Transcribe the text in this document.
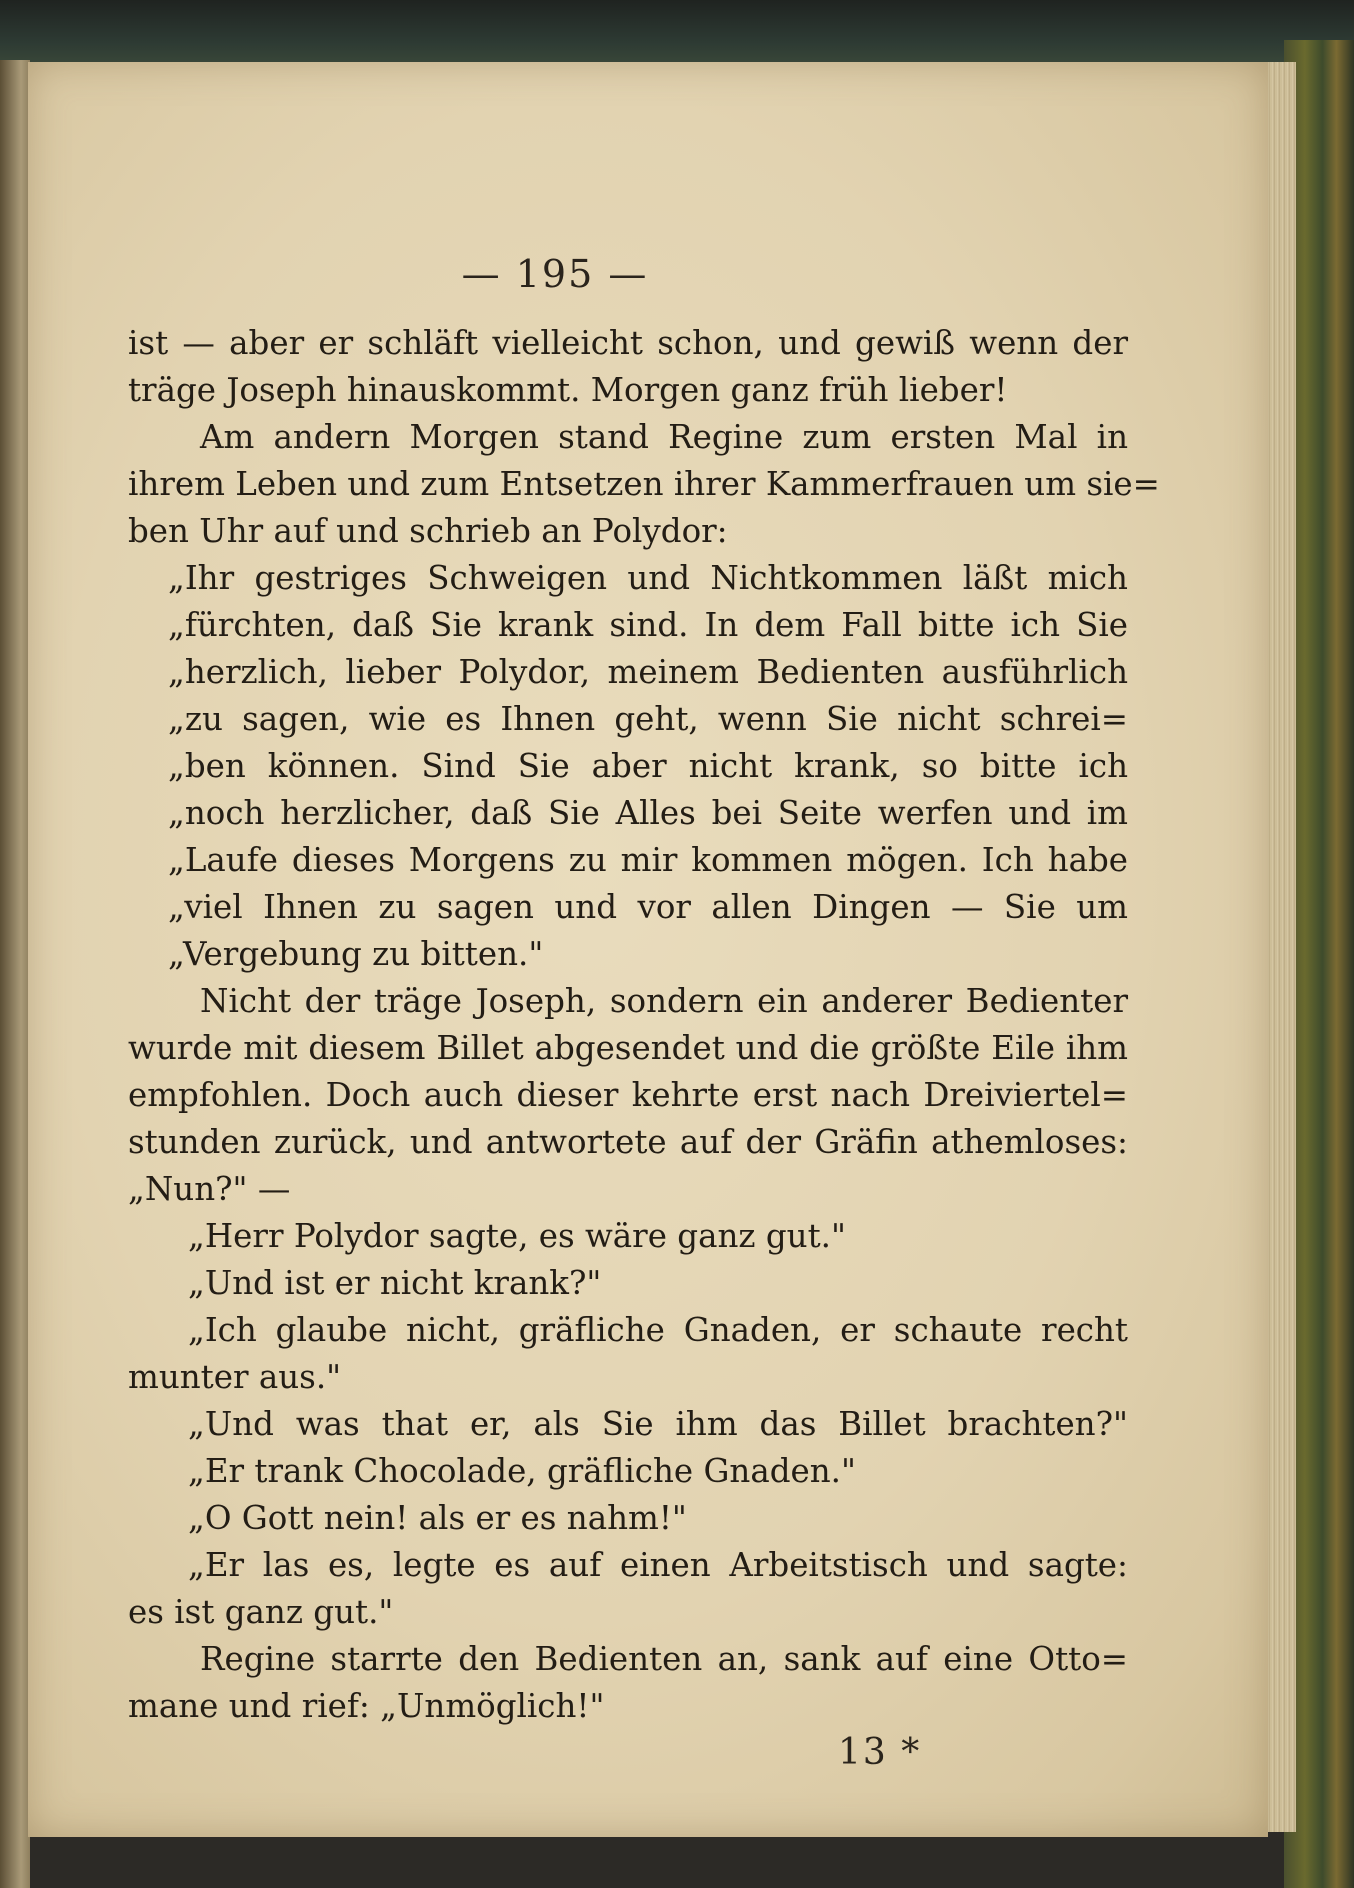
— 195 —
ist — aber er schläft vielleicht schon, und gewiß wenn der
träge Joseph hinauskommt. Morgen ganz früh lieber!
Am andern Morgen stand Regine zum ersten Mal in
ihrem Leben und zum Entsetzen ihrer Kammerfrauen um sie=
ben Uhr auf und schrieb an Polydor:
„Ihr gestriges Schweigen und Nichtkommen läßt mich
„fürchten, daß Sie krank sind. In dem Fall bitte ich Sie
„herzlich, lieber Polydor, meinem Bedienten ausführlich
„zu sagen, wie es Ihnen geht, wenn Sie nicht schrei=
„ben können. Sind Sie aber nicht krank, so bitte ich
„noch herzlicher, daß Sie Alles bei Seite werfen und im
„Laufe dieses Morgens zu mir kommen mögen. Ich habe
„viel Ihnen zu sagen und vor allen Dingen — Sie um
„Vergebung zu bitten."
Nicht der träge Joseph, sondern ein anderer Bedienter
wurde mit diesem Billet abgesendet und die größte Eile ihm
empfohlen. Doch auch dieser kehrte erst nach Dreiviertel=
stunden zurück, und antwortete auf der Gräfin athemloses:
„Nun?" —
„Herr Polydor sagte, es wäre ganz gut."
„Und ist er nicht krank?"
„Ich glaube nicht, gräfliche Gnaden, er schaute recht
munter aus."
„Und was that er, als Sie ihm das Billet brachten?"
„Er trank Chocolade, gräfliche Gnaden."
„O Gott nein! als er es nahm!"
„Er las es, legte es auf einen Arbeitstisch und sagte:
es ist ganz gut."
Regine starrte den Bedienten an, sank auf eine Otto=
mane und rief: „Unmöglich!"
13 *
